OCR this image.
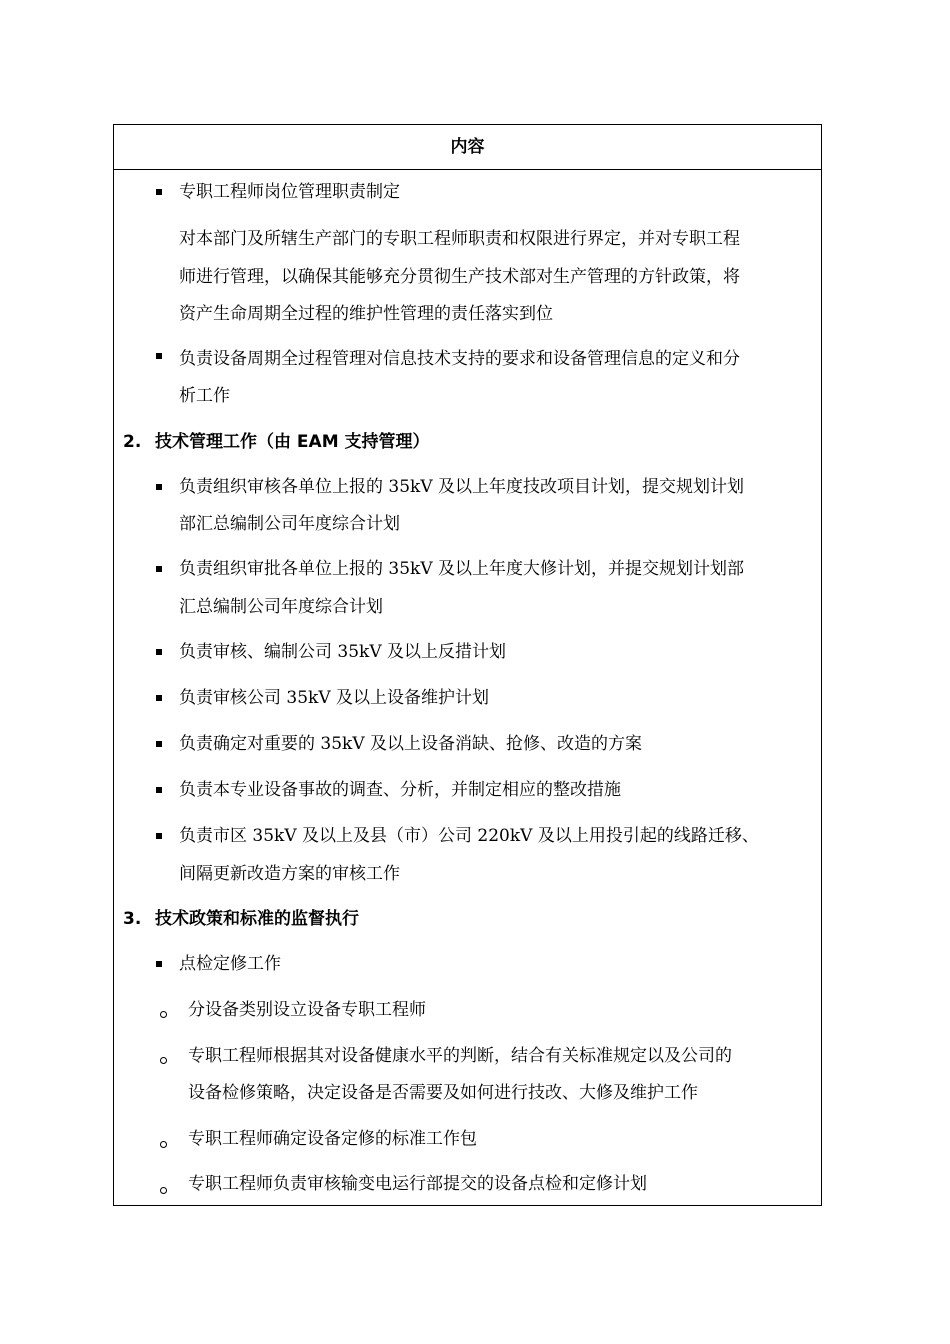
内容
专职工程师岗位管理职责制定
对本部门及所辖生产部门的专职工程师职责和权限进行界定，并对专职工程
师进行管理，以确保其能够充分贯彻生产技术部对生产管理的方针政策，将
资产生命周期全过程的维护性管理的责任落实到位
负责设备周期全过程管理对信息技术支持的要求和设备管理信息的定义和分
析工作
2. 技术管理工作（由 EAM 支持管理）
负责组织审核各单位上报的 35kV 及以上年度技改项目计划，提交规划计划
部汇总编制公司年度综合计划
负责组织审批各单位上报的 35kV 及以上年度大修计划，并提交规划计划部
汇总编制公司年度综合计划
负责审核、编制公司 35kV 及以上反措计划
负责审核公司 35kV 及以上设备维护计划
负责确定对重要的 35kV 及以上设备消缺、抢修、改造的方案
负责本专业设备事故的调查、分析，并制定相应的整改措施
负责市区 35kV 及以上及县（市）公司 220kV 及以上用投引起的线路迁移、
间隔更新改造方案的审核工作
3. 技术政策和标准的监督执行
点检定修工作
分设备类别设立设备专职工程师
专职工程师根据其对设备健康水平的判断，结合有关标准规定以及公司的
设备检修策略，决定设备是否需要及如何进行技改、大修及维护工作
专职工程师确定设备定修的标准工作包
专职工程师负责审核输变电运行部提交的设备点检和定修计划
